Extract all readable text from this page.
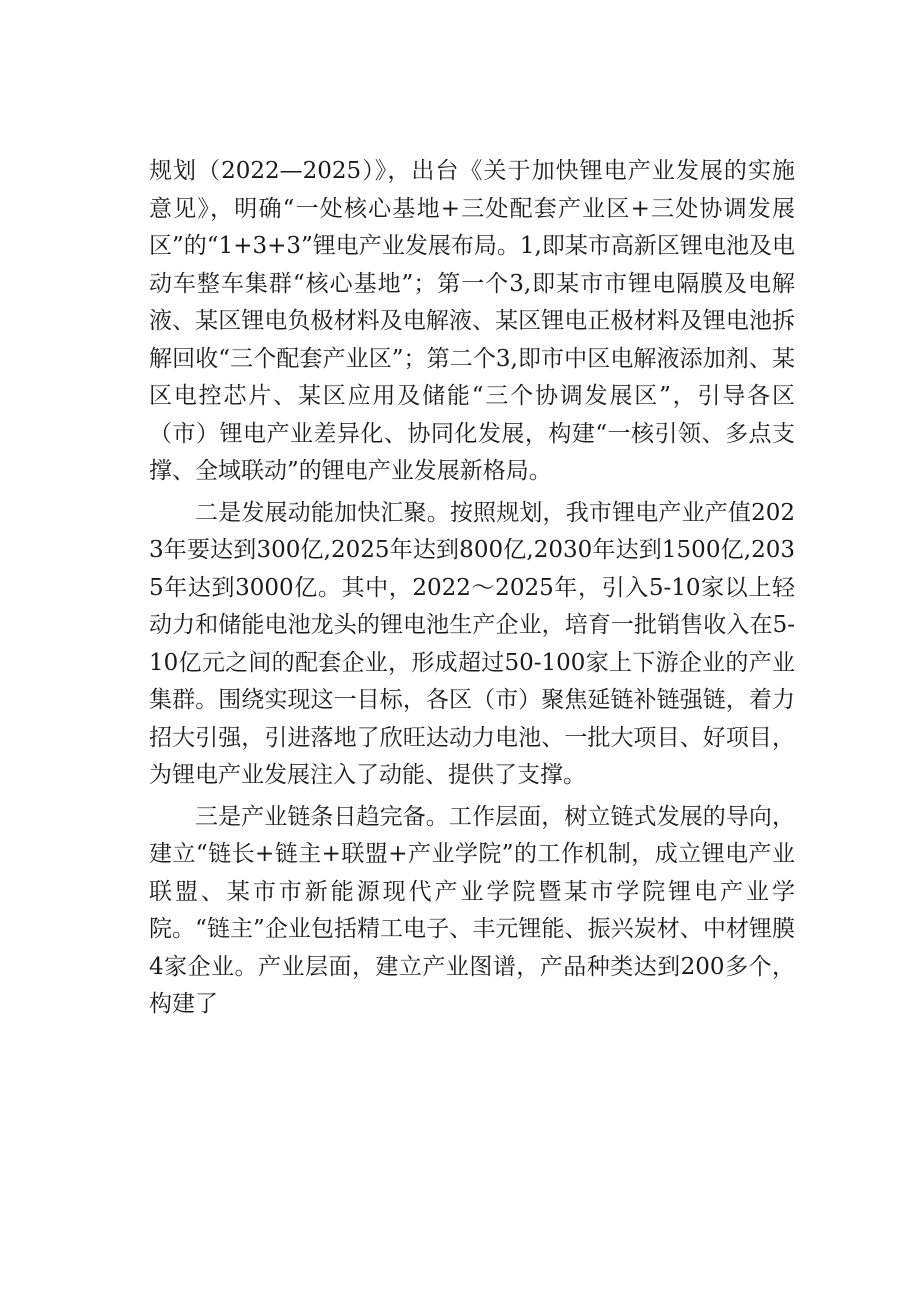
规划（2022—2025）》，出台《关于加快锂电产业发展的实施意见》，明确“一处核心基地+三处配套产业区+三处协调发展区”的“1+3+3”锂电产业发展布局。1,即某市高新区锂电池及电动车整车集群“核心基地”；第一个3,即某市市锂电隔膜及电解液、某区锂电负极材料及电解液、某区锂电正极材料及锂电池拆解回收“三个配套产业区”；第二个3,即市中区电解液添加剂、某区电控芯片、某区应用及储能“三个协调发展区”，引导各区（市）锂电产业差异化、协同化发展，构建“一核引领、多点支撑、全域联动”的锂电产业发展新格局。

二是发展动能加快汇聚。按照规划，我市锂电产业产值2023年要达到300亿,2025年达到800亿,2030年达到1500亿,2035年达到3000亿。其中，2022～2025年，引入5-10家以上轻动力和储能电池龙头的锂电池生产企业，培育一批销售收入在5-10亿元之间的配套企业，形成超过50-100家上下游企业的产业集群。围绕实现这一目标，各区（市）聚焦延链补链强链，着力招大引强，引进落地了欣旺达动力电池、一批大项目、好项目，为锂电产业发展注入了动能、提供了支撑。

三是产业链条日趋完备。工作层面，树立链式发展的导向，建立“链长+链主+联盟+产业学院”的工作机制，成立锂电产业联盟、某市市新能源现代产业学院暨某市学院锂电产业学院。“链主”企业包括精工电子、丰元锂能、振兴炭材、中材锂膜4家企业。产业层面，建立产业图谱，产品种类达到200多个，构建了
